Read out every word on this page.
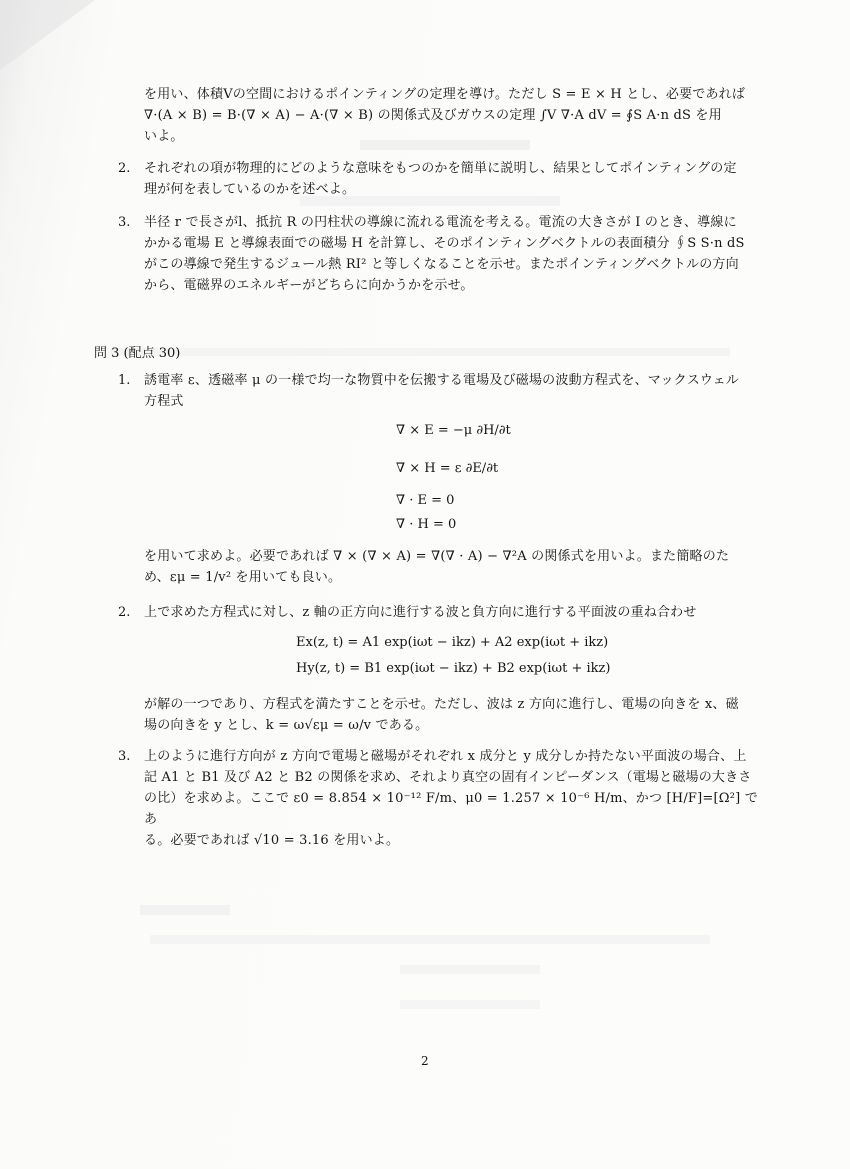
を用い、体積Vの空間におけるポインティングの定理を導け。ただし S = E × H とし、必要であれば
∇·(A × B) = B·(∇ × A) − A·(∇ × B) の関係式及びガウスの定理 ∫V ∇·A dV = ∮S A·n dS を用
いよ。
2. それぞれの項が物理的にどのような意味をもつのかを簡単に説明し、結果としてポインティングの定
理が何を表しているのかを述べよ。
3. 半径 r で長さがl、抵抗 R の円柱状の導線に流れる電流を考える。電流の大きさが I のとき、導線に
かかる電場 E と導線表面での磁場 H を計算し、そのポインティングベクトルの表面積分 ∮S S·n dS
がこの導線で発生するジュール熱 RI² と等しくなることを示せ。またポインティングベクトルの方向
から、電磁界のエネルギーがどちらに向かうかを示せ。
問 3 (配点 30)
1. 誘電率 ε、透磁率 μ の一様で均一な物質中を伝搬する電場及び磁場の波動方程式を、マックスウェル
方程式
∇ × E = −μ ∂H/∂t
∇ × H = ε ∂E/∂t
∇ · E = 0
∇ · H = 0
を用いて求めよ。必要であれば ∇ × (∇ × A) = ∇(∇ · A) − ∇²A の関係式を用いよ。また簡略のた
め、εμ = 1/v² を用いても良い。
2. 上で求めた方程式に対し、z 軸の正方向に進行する波と負方向に進行する平面波の重ね合わせ
Ex(z, t) = A1 exp(iωt − ikz) + A2 exp(iωt + ikz)
Hy(z, t) = B1 exp(iωt − ikz) + B2 exp(iωt + ikz)
が解の一つであり、方程式を満たすことを示せ。ただし、波は z 方向に進行し、電場の向きを x、磁
場の向きを y とし、k = ω√εμ = ω/v である。
3. 上のように進行方向が z 方向で電場と磁場がそれぞれ x 成分と y 成分しか持たない平面波の場合、上
記 A1 と B1 及び A2 と B2 の関係を求め、それより真空の固有インピーダンス（電場と磁場の大きさ
の比）を求めよ。ここで ε0 = 8.854 × 10⁻¹² F/m、μ0 = 1.257 × 10⁻⁶ H/m、かつ [H/F]=[Ω²] であ
る。必要であれば √10 = 3.16 を用いよ。
2
